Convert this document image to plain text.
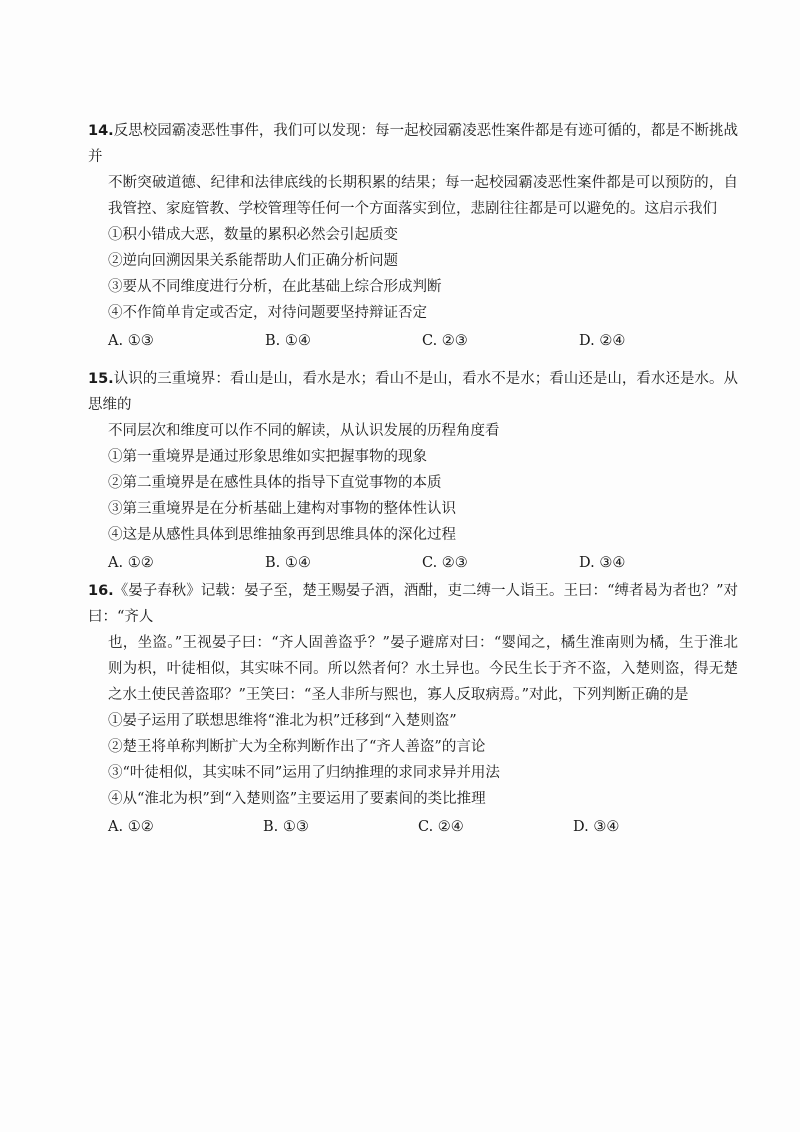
14.反思校园霸凌恶性事件，我们可以发现：每一起校园霸凌恶性案件都是有迹可循的，都是不断挑战并
不断突破道德、纪律和法律底线的长期积累的结果；每一起校园霸凌恶性案件都是可以预防的，自我管控、家庭管教、学校管理等任何一个方面落实到位，悲剧往往都是可以避免的。这启示我们

①积小错成大恶，数量的累积必然会引起质变

②逆向回溯因果关系能帮助人们正确分析问题

③要从不同维度进行分析，在此基础上综合形成判断

④不作简单肯定或否定，对待问题要坚持辩证否定

A. ①③	B. ①④	C. ②③	D. ②④

15.认识的三重境界：看山是山，看水是水；看山不是山，看水不是水；看山还是山，看水还是水。从思维的
不同层次和维度可以作不同的解读，从认识发展的历程角度看

①第一重境界是通过形象思维如实把握事物的现象

②第二重境界是在感性具体的指导下直觉事物的本质

③第三重境界是在分析基础上建构对事物的整体性认识

④这是从感性具体到思维抽象再到思维具体的深化过程

A. ①②	B. ①④	C. ②③	D. ③④

16.《晏子春秋》记载：晏子至，楚王赐晏子酒，酒酣，吏二缚一人诣王。王曰：“缚者曷为者也？”对曰：“齐人
也，坐盗。”王视晏子曰：“齐人固善盗乎？”晏子避席对曰：“婴闻之，橘生淮南则为橘，生于淮北则为枳，叶徒相似，其实味不同。所以然者何？水土异也。今民生长于齐不盗，入楚则盗，得无楚之水土使民善盗耶？”王笑曰：“圣人非所与熙也，寡人反取病焉。”对此，下列判断正确的是

①晏子运用了联想思维将“淮北为枳”迁移到“入楚则盗”

②楚王将单称判断扩大为全称判断作出了“齐人善盗”的言论

③“叶徒相似，其实味不同”运用了归纳推理的求同求异并用法

④从“淮北为枳”到“入楚则盗”主要运用了要素间的类比推理

A. ①②	B. ①③	C. ②④	D. ③④
